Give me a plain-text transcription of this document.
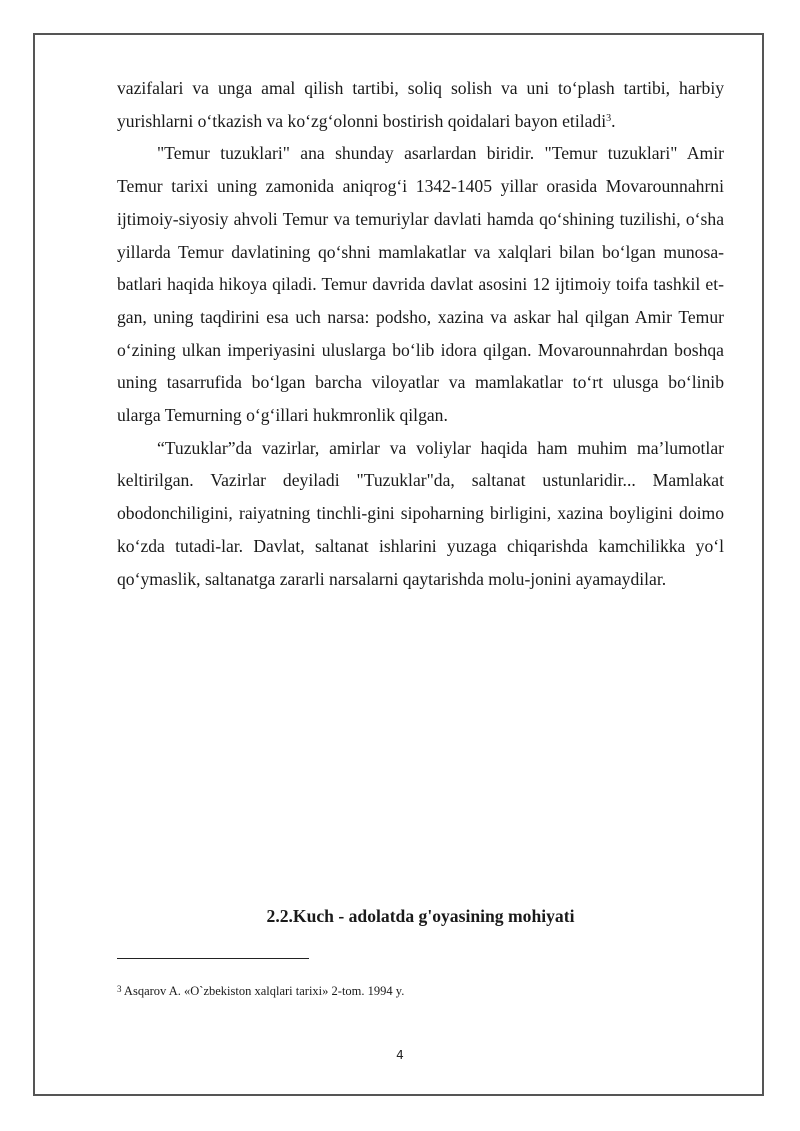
vazifalari va unga amal qilish tartibi, soliq solish va uni to‘plash tartibi, harbiy yurishlarni o‘tkazish va ko‘zg‘olonni bostirish qoidalari bayon etiladi$^3$.

"Temur tuzuklari" ana shunday asarlardan biridir. "Temur tuzuklari" Amir Temur tarixi uning zamonida aniqrog‘i 1342-1405 yillar orasida Movarounnahrni ijtimoiy-siyosiy ahvoli Temur va temuriylar davlati hamda qo‘shining tuzilishi, o‘sha yillarda Temur davlatining qo‘shni mamlakatlar va xalqlari bilan bo‘lgan munosa-batlari haqida hikoya qiladi. Temur davrida davlat asosini 12 ijtimoiy toifa tashkil et-gan, uning taqdirini esa uch narsa: podsho, xazina va askar hal qilgan Amir Temur o‘zining ulkan imperiyasini uluslarga bo‘lib idora qilgan. Movarounnahrdan boshqa uning tasarrufida bo‘lgan barcha viloyatlar va mamlakatlar to‘rt ulusga bo‘linib ularga Temurning o‘g‘illari hukmronlik qilgan.

“Tuzuklar”da vazirlar, amirlar va voliylar haqida ham muhim ma’lumotlar keltirilgan. Vazirlar deyiladi "Tuzuklar"da, saltanat ustunlaridir... Mamlakat obodonchiligini, raiyatning tinchli-gini sipoharning birligini, xazina boyligini doimo ko‘zda tutadi-lar. Davlat, saltanat ishlarini yuzaga chiqarishda kamchilikka yo‘l qo‘ymaslik, saltanatga zararli narsalarni qaytarishda molu-jonini ayamaydilar.

2.2.Kuch - adolatda g'oyasining mohiyati
$^3$ Asqarov A. «O`zbekiston xalqlari tarixi» 2-tom. 1994 y.
4
